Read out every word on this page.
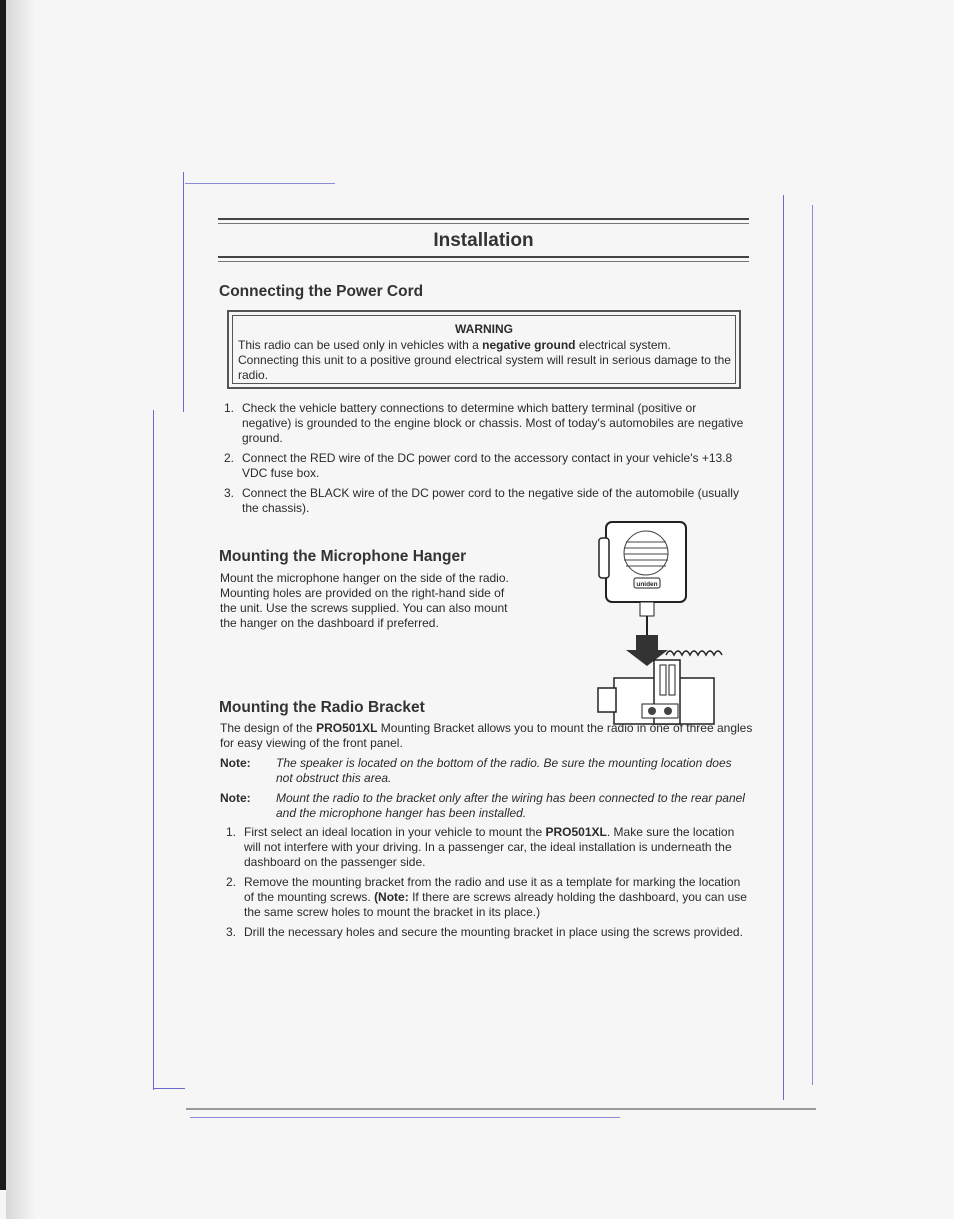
Installation
Connecting the Power Cord
WARNING
This radio can be used only in vehicles with a negative ground electrical system. Connecting this unit to a positive ground electrical system will result in serious damage to the radio.
1. Check the vehicle battery connections to determine which battery terminal (positive or negative) is grounded to the engine block or chassis. Most of today's automobiles are negative ground.
2. Connect the RED wire of the DC power cord to the accessory contact in your vehicle's +13.8 VDC fuse box.
3. Connect the BLACK wire of the DC power cord to the negative side of the automobile (usually the chassis).
Mounting the Microphone Hanger
Mount the microphone hanger on the side of the radio. Mounting holes are provided on the right-hand side of the unit. Use the screws supplied. You can also mount the hanger on the dashboard if preferred.
uniden
Mounting the Radio Bracket
The design of the PRO501XL Mounting Bracket allows you to mount the radio in one of three angles for easy viewing of the front panel.
Note: The speaker is located on the bottom of the radio. Be sure the mounting location does not obstruct this area.
Note: Mount the radio to the bracket only after the wiring has been connected to the rear panel and the microphone hanger has been installed.
1. First select an ideal location in your vehicle to mount the PRO501XL. Make sure the location will not interfere with your driving. In a passenger car, the ideal installation is underneath the dashboard on the passenger side.
2. Remove the mounting bracket from the radio and use it as a template for marking the location of the mounting screws. (Note: If there are screws already holding the dashboard, you can use the same screw holes to mount the bracket in its place.)
3. Drill the necessary holes and secure the mounting bracket in place using the screws provided.
